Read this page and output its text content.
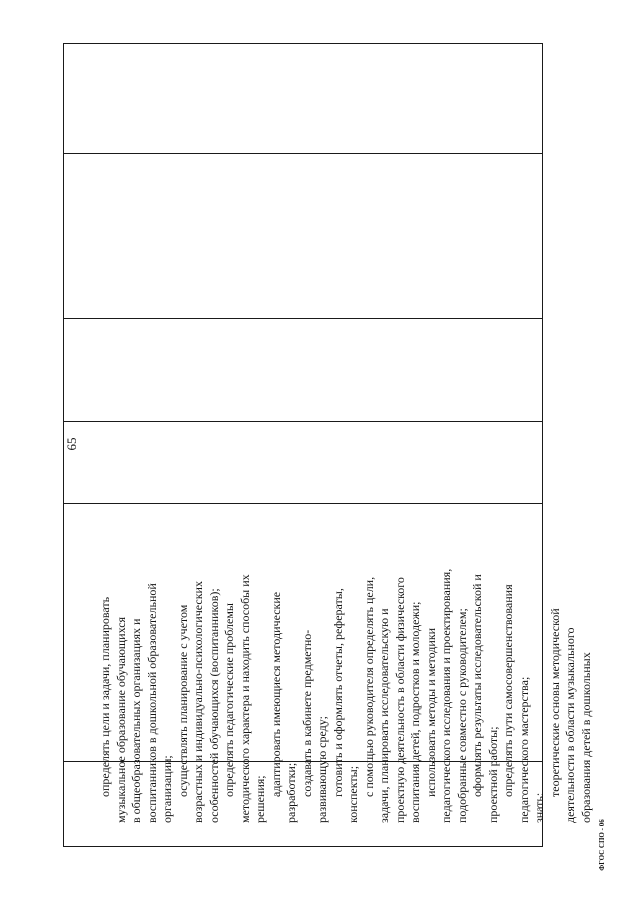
65
определять цели и задачи, планировать музыкальное образование обучающихся в общеобразовательных организациях и воспитанников в дошкольной образовательной организации; осуществлять планирование с учетом возрастных и индивидуально-психологических особенностей обучающихся (воспитанников); определять педагогические проблемы методического характера и находить способы их решения;
адаптировать имеющиеся методические разработки; создавать в кабинете предметно- развивающую среду; готовить и оформлять отчеты, рефераты, конспекты; с помощью руководителя определять цели, задачи, планировать исследовательскую и проектную деятельность в области физического воспитания детей, подростков и молодежи; использовать методы и методики педагогического исследования и проектирования, подобранные совместно с руководителем; оформлять результаты исследовательской и проектной работы; определять пути самосовершенствования педагогического мастерства; знать:
теоретические основы методической деятельности в области музыкального образования детей в дошкольных
ФГОС СПО - 06
